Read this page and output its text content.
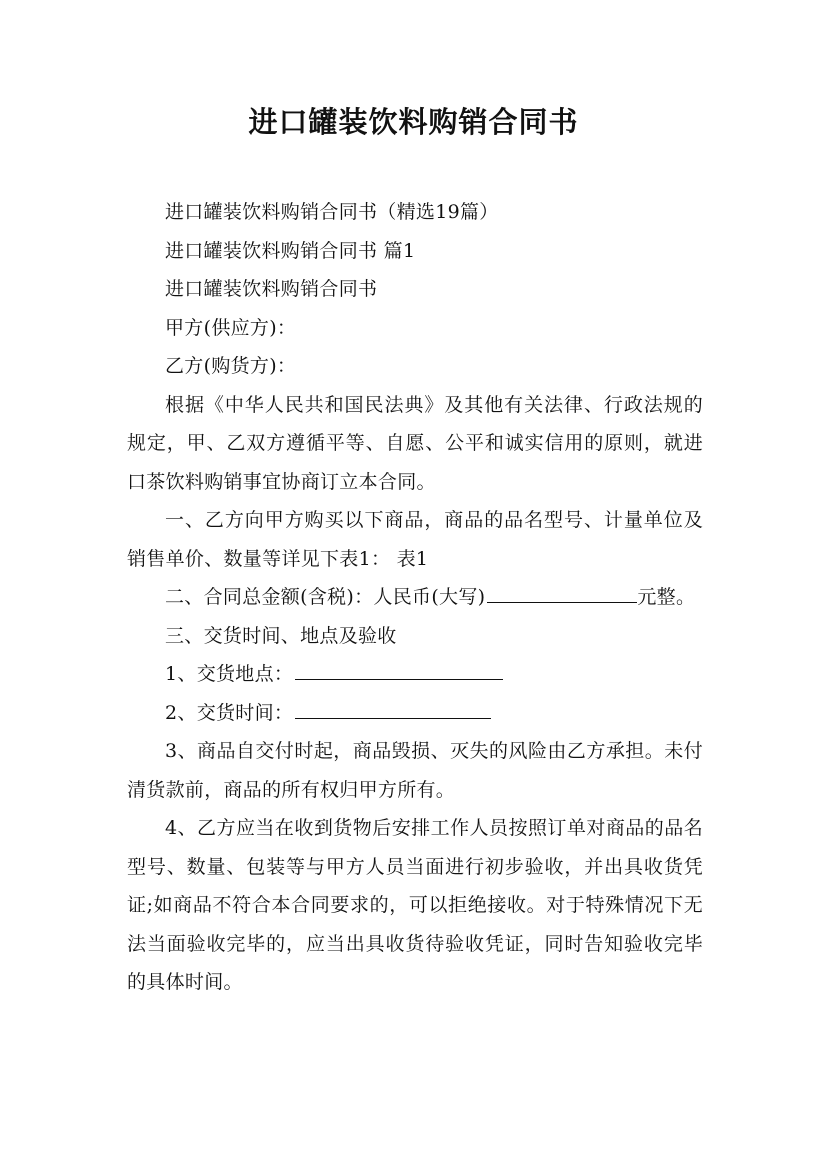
进口罐装饮料购销合同书

进口罐装饮料购销合同书（精选19篇）

进口罐装饮料购销合同书 篇1

进口罐装饮料购销合同书

甲方(供应方)：

乙方(购货方)：

根据《中华人民共和国民法典》及其他有关法律、行政法规的规定，甲、乙双方遵循平等、自愿、公平和诚实信用的原则，就进口茶饮料购销事宜协商订立本合同。

一、乙方向甲方购买以下商品，商品的品名型号、计量单位及销售单价、数量等详见下表1： 表1

二、合同总金额(含税)：人民币(大写)	元整。

三、交货时间、地点及验收

1、交货地点：

2、交货时间：

3、商品自交付时起，商品毁损、灭失的风险由乙方承担。未付清货款前，商品的所有权归甲方所有。

4、乙方应当在收到货物后安排工作人员按照订单对商品的品名型号、数量、包装等与甲方人员当面进行初步验收，并出具收货凭证;如商品不符合本合同要求的，可以拒绝接收。对于特殊情况下无法当面验收完毕的，应当出具收货待验收凭证，同时告知验收完毕的具体时间。
